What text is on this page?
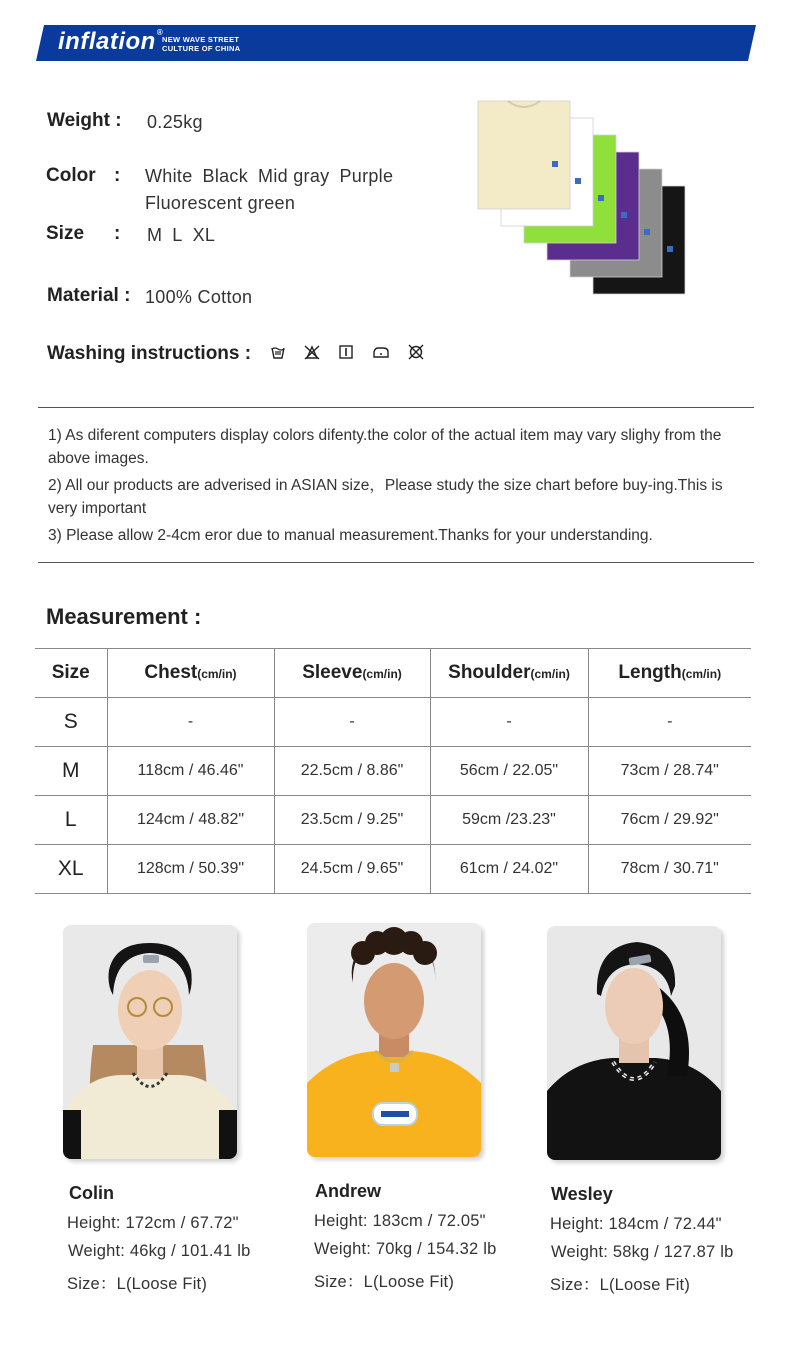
inflation®
NEW WAVE STREET
CULTURE OF CHINA
Weight : 0.25kg
Color : White Black Mid gray Purple
Fluorescent green
Size : M L XL
Material : 100% Cotton
Washing instructions :

1) As diferent computers display colors difenty.the color of the actual item may vary slighy from the above images.

2) All our products are adverised in ASIAN size，Please study the size chart before buy-ing.This is very important

3) Please allow 2-4cm eror due to manual measurement.Thanks for your understanding.

Measurement :
Size	Chest(cm/in)	Sleeve(cm/in)	Shoulder(cm/in)	Length(cm/in)
S	-	-	-	-
M	118cm / 46.46"	22.5cm / 8.86"	56cm / 22.05"	73cm / 28.74"
L	124cm / 48.82"	23.5cm / 9.25"	59cm /23.23"	76cm / 29.92"
XL	128cm / 50.39"	24.5cm / 9.65"	61cm / 24.02"	78cm / 30.71"
Colin
Height: 172cm / 67.72"
Weight: 46kg / 101.41 lb
Size：L(Loose Fit)
Andrew
Height: 183cm / 72.05"
Weight: 70kg / 154.32 lb
Size：L(Loose Fit)
Wesley
Height: 184cm / 72.44"
Weight: 58kg / 127.87 lb
Size：L(Loose Fit)
